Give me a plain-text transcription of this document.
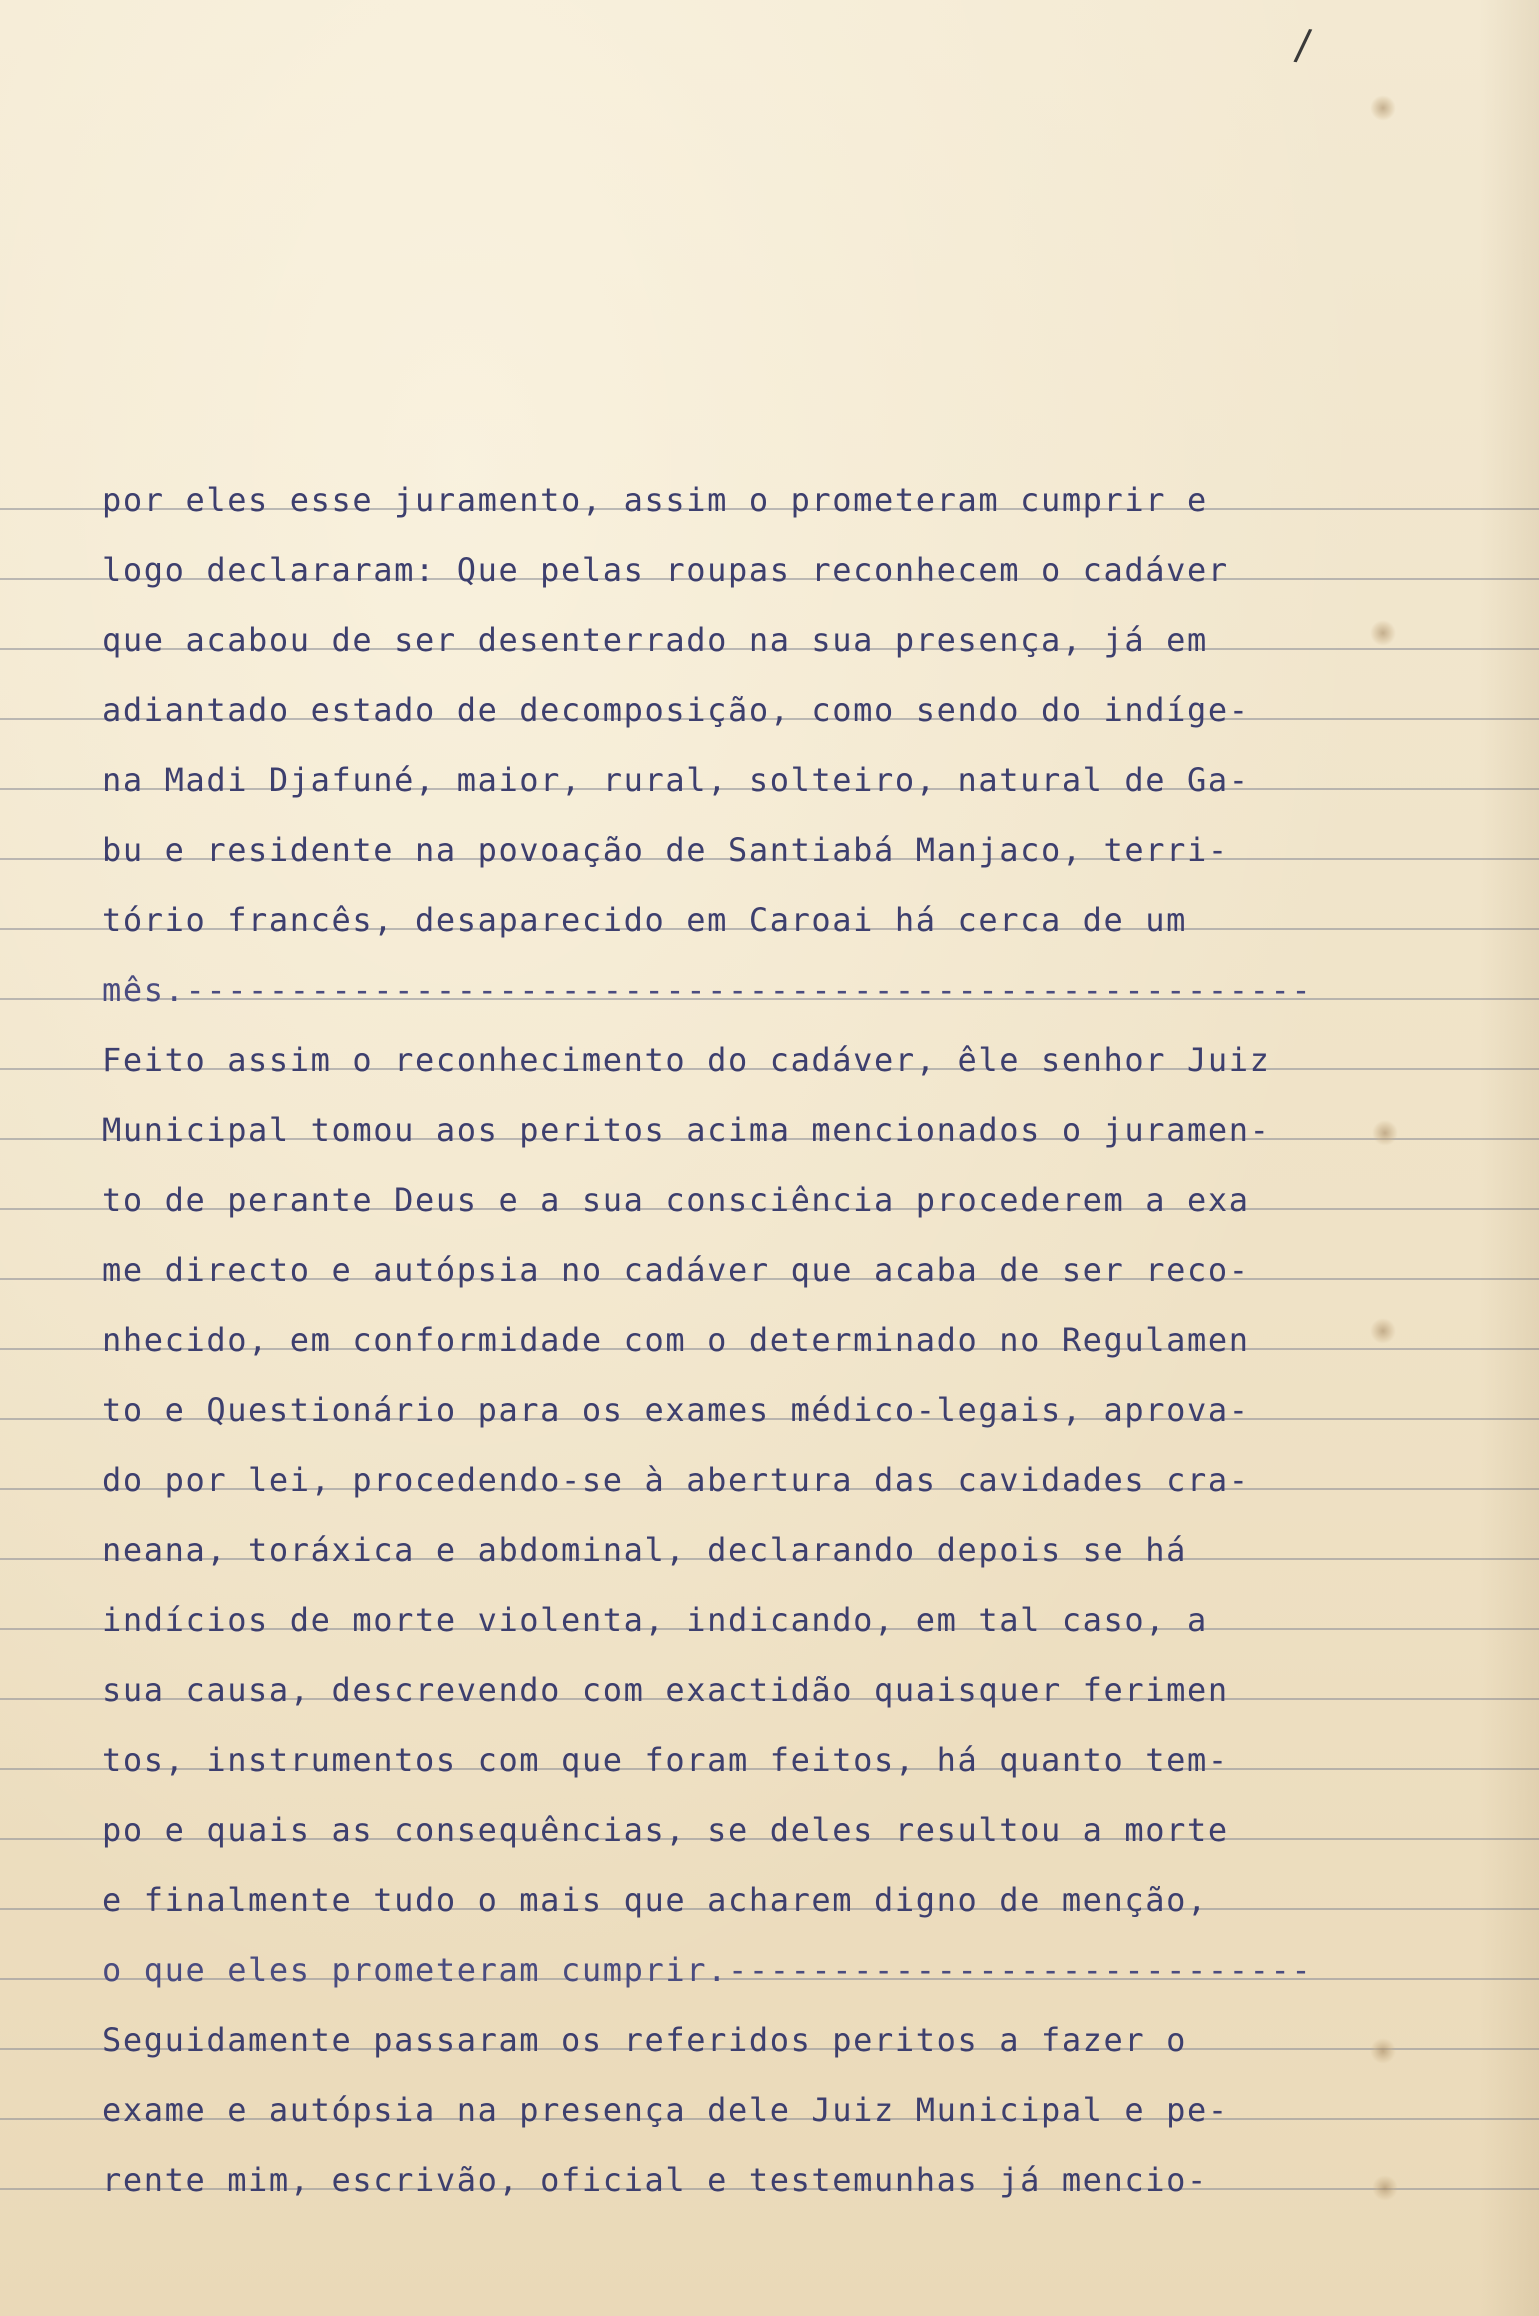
/

por eles esse juramento, assim o prometeram cumprir e

logo declararam: Que pelas roupas reconhecem o cadáver

que acabou de ser desenterrado na sua presença, já em

adiantado estado de decomposição, como sendo do indíge-

na Madi Djafuné, maior, rural, solteiro, natural de Ga-

bu e residente na povoação de Santiabá Manjaco, terri-

tório francês, desaparecido em Caroai há cerca de um

mês.------------------------------------------------------

Feito assim o reconhecimento do cadáver, êle senhor Juiz

Municipal tomou aos peritos acima mencionados o juramen-

to de perante Deus e a sua consciência procederem a exa

me directo e autópsia no cadáver que acaba de ser reco-

nhecido, em conformidade com o determinado no Regulamen

to e Questionário para os exames médico-legais, aprova-

do por lei, procedendo-se à abertura das cavidades cra-

neana, toráxica e abdominal, declarando depois se há

indícios de morte violenta, indicando, em tal caso, a

sua causa, descrevendo com exactidão quaisquer ferimen

tos, instrumentos com que foram feitos, há quanto tem-

po e quais as consequências, se deles resultou a morte

e finalmente tudo o mais que acharem digno de menção,

o que eles prometeram cumprir.----------------------------

Seguidamente passaram os referidos peritos a fazer o

exame e autópsia na presença dele Juiz Municipal e pe-

rente mim, escrivão, oficial e testemunhas já mencio-
